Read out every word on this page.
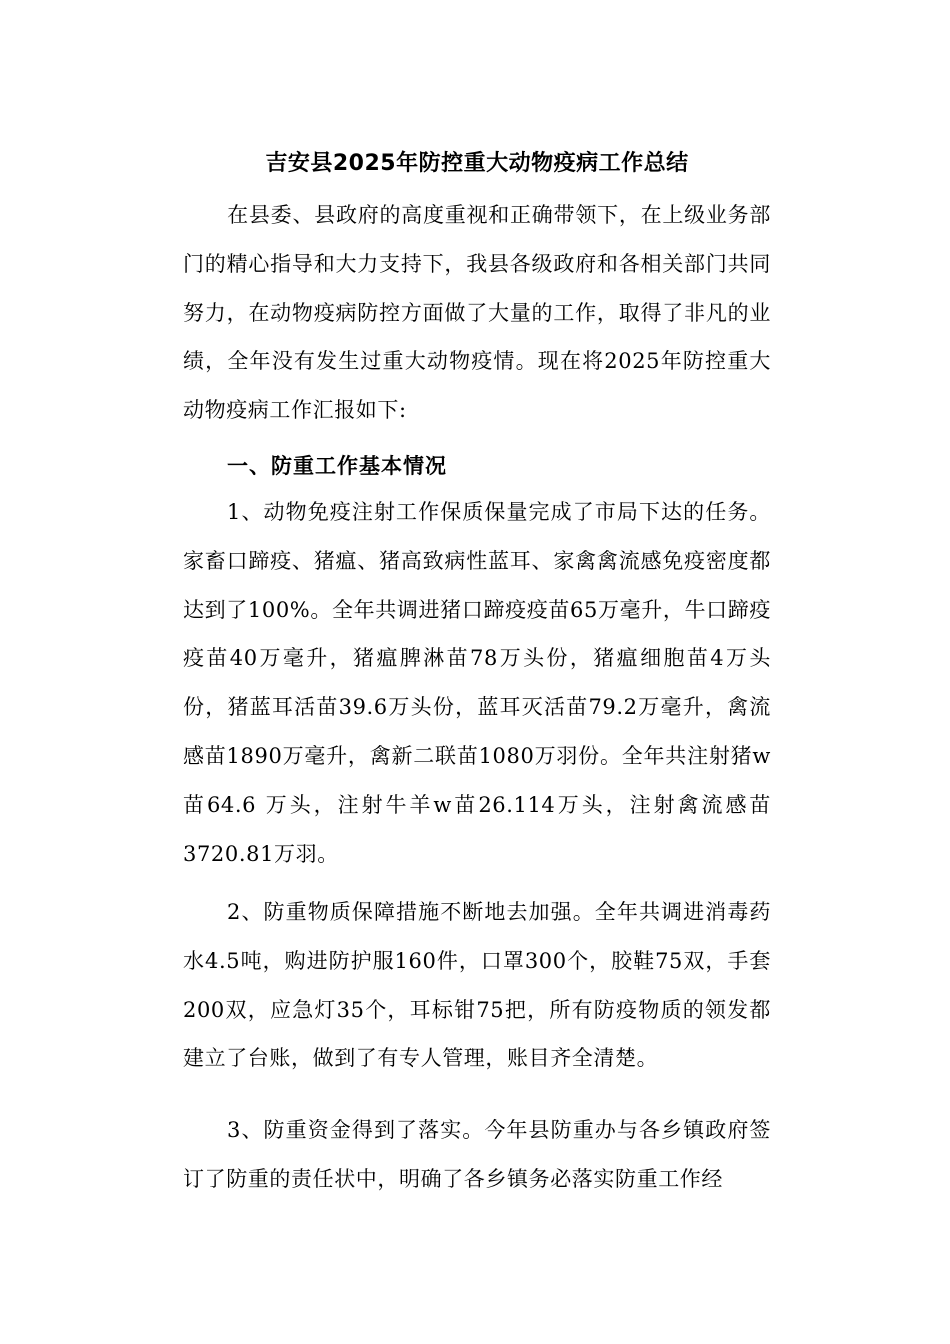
吉安县2025年防控重大动物疫病工作总结

在县委、县政府的高度重视和正确带领下，在上级业务部门的精心指导和大力支持下，我县各级政府和各相关部门共同努力，在动物疫病防控方面做了大量的工作，取得了非凡的业绩，全年没有发生过重大动物疫情。现在将2025年防控重大动物疫病工作汇报如下:

一、防重工作基本情况

1、动物免疫注射工作保质保量完成了市局下达的任务。家畜口蹄疫、猪瘟、猪高致病性蓝耳、家禽禽流感免疫密度都达到了100%。全年共调进猪口蹄疫疫苗65万毫升，牛口蹄疫疫苗40万毫升，猪瘟脾淋苗78万头份，猪瘟细胞苗4万头份，猪蓝耳活苗39.6万头份，蓝耳灭活苗79.2万毫升，禽流感苗1890万毫升，禽新二联苗1080万羽份。全年共注射猪w苗64.6 万头，注射牛羊w苗26.114万头，注射禽流感苗3720.81万羽。

2、防重物质保障措施不断地去加强。全年共调进消毒药水4.5吨，购进防护服160件，口罩300个，胶鞋75双，手套200双，应急灯35个，耳标钳75把，所有防疫物质的领发都建立了台账，做到了有专人管理，账目齐全清楚。

3、防重资金得到了落实。今年县防重办与各乡镇政府签订了防重的责任状中，明确了各乡镇务必落实防重工作经
